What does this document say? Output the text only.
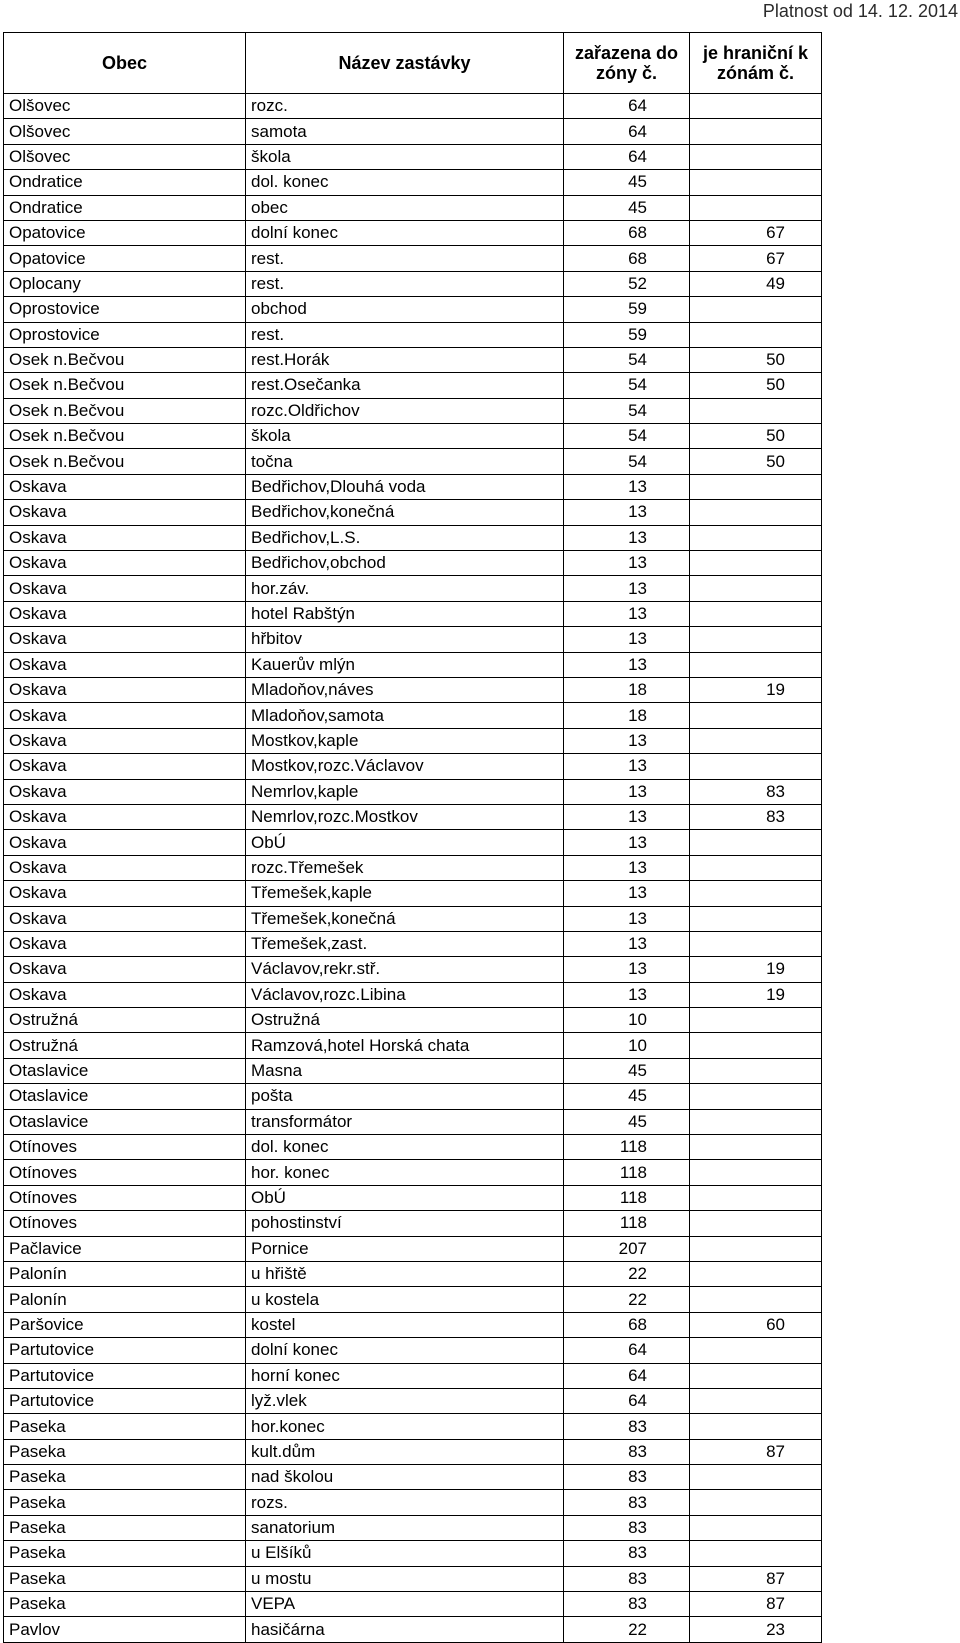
Platnost od 14. 12. 2014
Obec	Název zastávky	zařazena do zóny č.	je hraniční k zónám č.
Olšovec	rozc.	64	
Olšovec	samota	64	
Olšovec	škola	64	
Ondratice	dol. konec	45	
Ondratice	obec	45	
Opatovice	dolní konec	68	67
Opatovice	rest.	68	67
Oplocany	rest.	52	49
Oprostovice	obchod	59	
Oprostovice	rest.	59	
Osek n.Bečvou	rest.Horák	54	50
Osek n.Bečvou	rest.Osečanka	54	50
Osek n.Bečvou	rozc.Oldřichov	54	
Osek n.Bečvou	škola	54	50
Osek n.Bečvou	točna	54	50
Oskava	Bedřichov,Dlouhá voda	13	
Oskava	Bedřichov,konečná	13	
Oskava	Bedřichov,L.S.	13	
Oskava	Bedřichov,obchod	13	
Oskava	hor.záv.	13	
Oskava	hotel Rabštýn	13	
Oskava	hřbitov	13	
Oskava	Kauerův mlýn	13	
Oskava	Mladoňov,náves	18	19
Oskava	Mladoňov,samota	18	
Oskava	Mostkov,kaple	13	
Oskava	Mostkov,rozc.Václavov	13	
Oskava	Nemrlov,kaple	13	83
Oskava	Nemrlov,rozc.Mostkov	13	83
Oskava	ObÚ	13	
Oskava	rozc.Třemešek	13	
Oskava	Třemešek,kaple	13	
Oskava	Třemešek,konečná	13	
Oskava	Třemešek,zast.	13	
Oskava	Václavov,rekr.stř.	13	19
Oskava	Václavov,rozc.Libina	13	19
Ostružná	Ostružná	10	
Ostružná	Ramzová,hotel Horská chata	10	
Otaslavice	Masna	45	
Otaslavice	pošta	45	
Otaslavice	transformátor	45	
Otínoves	dol. konec	118	
Otínoves	hor. konec	118	
Otínoves	ObÚ	118	
Otínoves	pohostinství	118	
Pačlavice	Pornice	207	
Palonín	u hřiště	22	
Palonín	u kostela	22	
Paršovice	kostel	68	60
Partutovice	dolní konec	64	
Partutovice	horní konec	64	
Partutovice	lyž.vlek	64	
Paseka	hor.konec	83	
Paseka	kult.dům	83	87
Paseka	nad školou	83	
Paseka	rozs.	83	
Paseka	sanatorium	83	
Paseka	u Elšíků	83	
Paseka	u mostu	83	87
Paseka	VEPA	83	87
Pavlov	hasičárna	22	23
